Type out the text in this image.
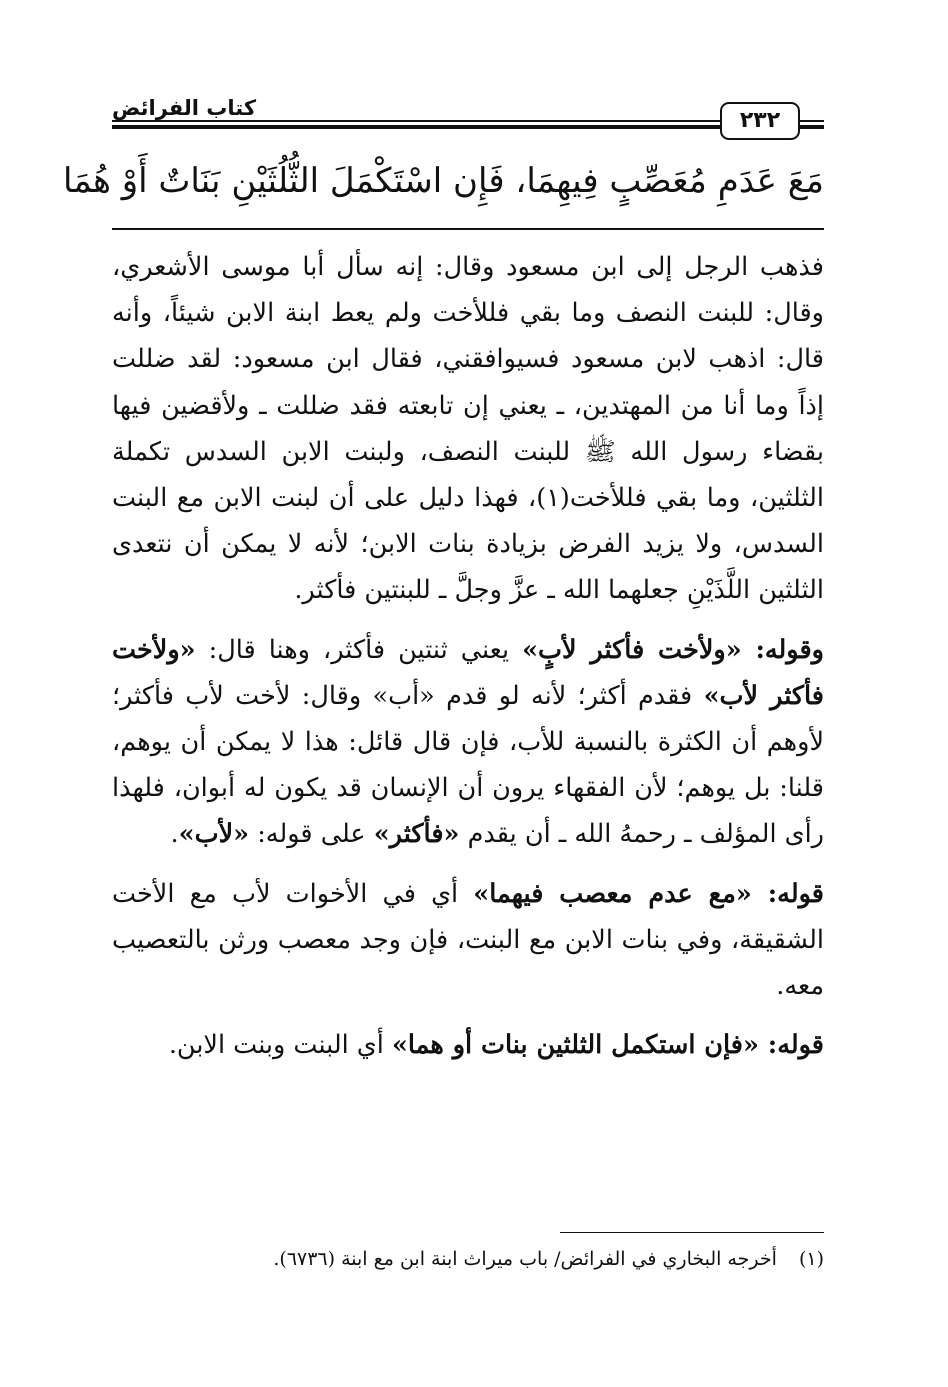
كتاب الفرائض	٢٣٢
مَعَ عَدَمِ مُعَصِّبٍ فِيهِمَا، فَإِن اسْتَكْمَلَ الثُّلُثَيْنِ بَنَاتٌ أَوْ هُمَا

فذهب الرجل إلى ابن مسعود وقال: إنه سأل أبا موسى الأشعري، وقال: للبنت النصف وما بقي فللأخت ولم يعط ابنة الابن شيئاً، وأنه قال: اذهب لابن مسعود فسيوافقني، فقال ابن مسعود: لقد ضللت إذاً وما أنا من المهتدين، ـ يعني إن تابعته فقد ضللت ـ ولأقضين فيها بقضاء رسول الله ﷺ للبنت النصف، ولبنت الابن السدس تكملة الثلثين، وما بقي فللأخت(١)، فهذا دليل على أن لبنت الابن مع البنت السدس، ولا يزيد الفرض بزيادة بنات الابن؛ لأنه لا يمكن أن نتعدى الثلثين اللَّذَيْنِ جعلهما الله ـ عزَّ وجلَّ ـ للبنتين فأكثر.

وقوله: «ولأخت فأكثر لأبٍ» يعني ثنتين فأكثر، وهنا قال: «ولأخت فأكثر لأب» فقدم أكثر؛ لأنه لو قدم «أب» وقال: لأخت لأب فأكثر؛ لأوهم أن الكثرة بالنسبة للأب، فإن قال قائل: هذا لا يمكن أن يوهم، قلنا: بل يوهم؛ لأن الفقهاء يرون أن الإنسان قد يكون له أبوان، فلهذا رأى المؤلف ـ رحمهُ الله ـ أن يقدم «فأكثر» على قوله: «لأب».

قوله: «مع عدم معصب فيهما» أي في الأخوات لأب مع الأخت الشقيقة، وفي بنات الابن مع البنت، فإن وجد معصب ورثن بالتعصيب معه.

قوله: «فإن استكمل الثلثين بنات أو هما» أي البنت وبنت الابن.

(١)أخرجه البخاري في الفرائض/ باب ميراث ابنة ابن مع ابنة (٦٧٣٦).
